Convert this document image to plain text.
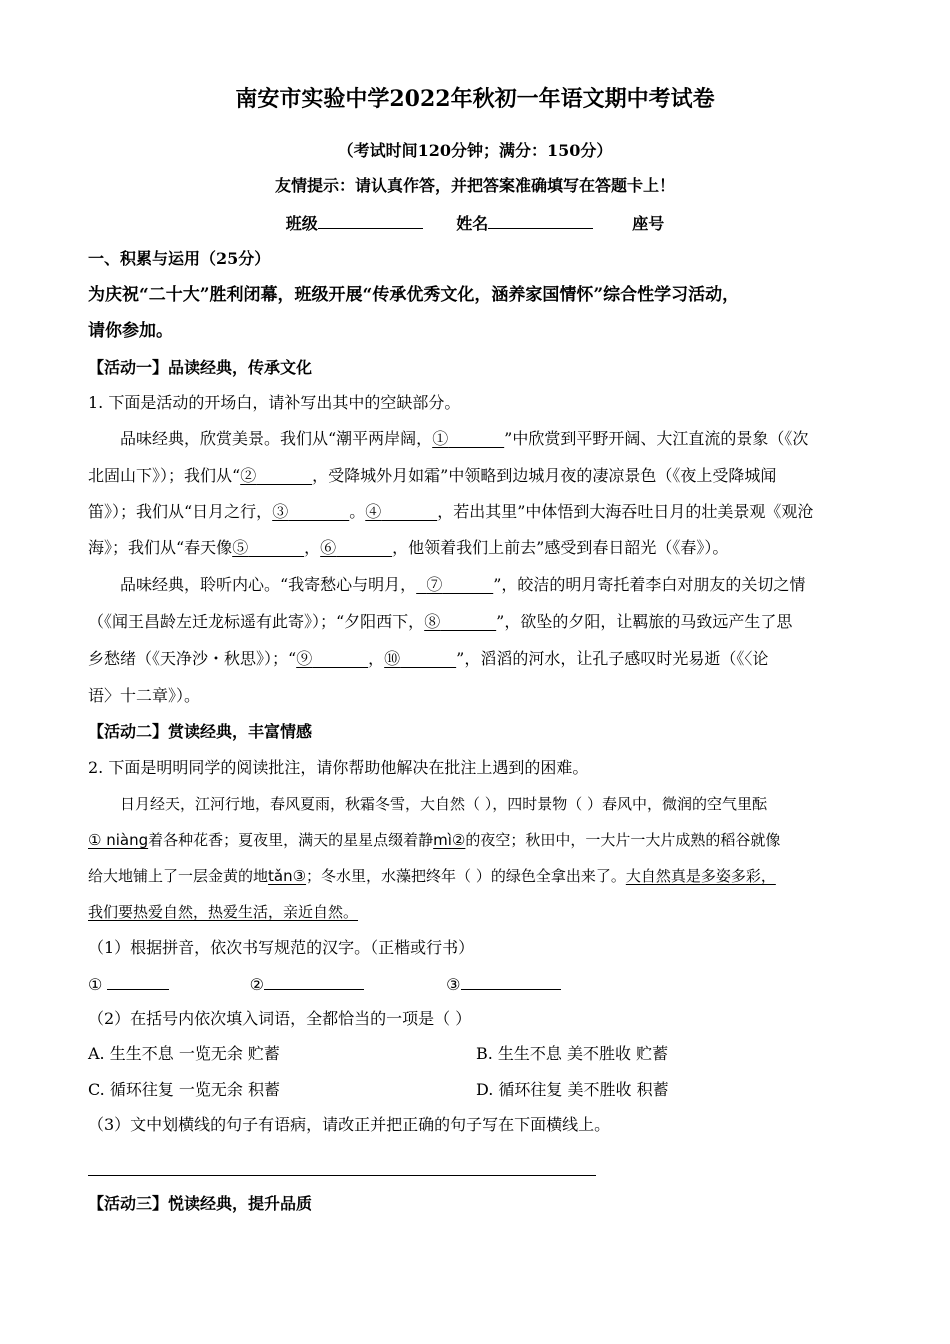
南安市实验中学2022年秋初一年语文期中考试卷
（考试时间120分钟；满分：150分）
友情提示：请认真作答，并把答案准确填写在答题卡上！
班级	姓名	座号
一、积累与运用（25分）
为庆祝“二十大”胜利闭幕，班级开展“传承优秀文化，涵养家国情怀”综合性学习活动，
请你参加。
【活动一】品读经典，传承文化
1. 下面是活动的开场白，请补写出其中的空缺部分。
品味经典，欣赏美景。我们从“潮平两岸阔，①	”中欣赏到平野开阔、大江直流的景象（《次
北固山下》）；我们从“②	，受降城外月如霜”中领略到边城月夜的凄凉景色（《夜上受降城闻
笛》）；我们从“日月之行，③	。④	，若出其里”中体悟到大海吞吐日月的壮美景观《观沧
海》；我们从“春天像⑤	，⑥	，他领着我们上前去”感受到春日韶光（《春》）。
品味经典，聆听内心。“我寄愁心与明月， ⑦	”，皎洁的明月寄托着李白对朋友的关切之情
（《闻王昌龄左迁龙标遥有此寄》）；“夕阳西下，⑧	”，欲坠的夕阳，让羁旅的马致远产生了思
乡愁绪（《天净沙・秋思》）；“⑨	，⑩	”，滔滔的河水，让孔子感叹时光易逝（《〈论
语〉十二章》）。
【活动二】赏读经典，丰富情感
2. 下面是明明同学的阅读批注，请你帮助他解决在批注上遇到的困难。
日月经天，江河行地，春风夏雨，秋霜冬雪，大自然（ ），四时景物（ ）春风中，微润的空气里酝
① niàng着各种花香；夏夜里，满天的星星点缀着静mì②的夜空；秋田中，一大片一大片成熟的稻谷就像
给大地铺上了一层金黄的地tǎn③；冬水里，水藻把终年（ ）的绿色全拿出来了。大自然真是多姿多彩，
我们要热爱自然，热爱生活，亲近自然。
（1）根据拼音，依次书写规范的汉字。（正楷或行书）
①	②	③
（2）在括号内依次填入词语，全都恰当的一项是（ ）
A. 生生不息 一览无余 贮蓄	B. 生生不息 美不胜收 贮蓄
C. 循环往复 一览无余 积蓄	D. 循环往复 美不胜收 积蓄
（3）文中划横线的句子有语病，请改正并把正确的句子写在下面横线上。
【活动三】悦读经典，提升品质
